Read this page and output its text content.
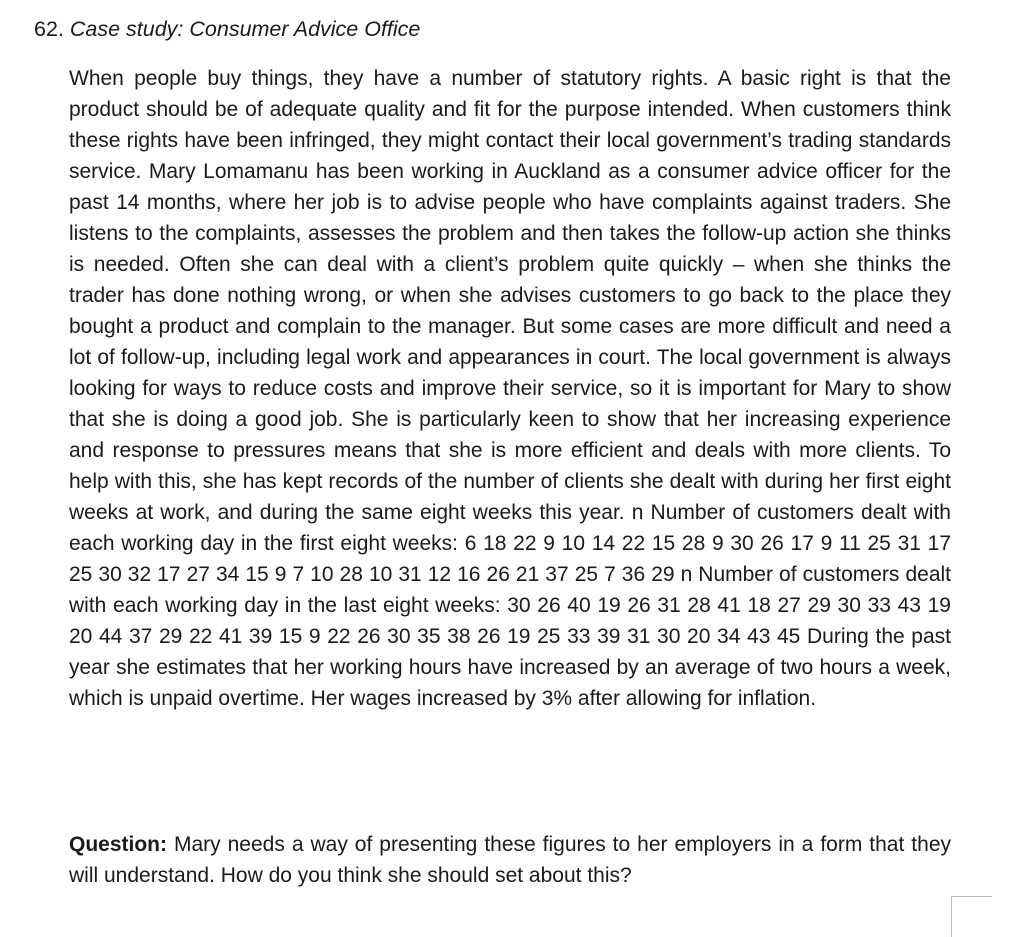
62. Case study: Consumer Advice Office

When people buy things, they have a number of statutory rights. A basic right is that the product should be of adequate quality and fit for the purpose intended. When customers think these rights have been infringed, they might contact their local government’s trading standards service. Mary Lomamanu has been working in Auckland as a consumer advice officer for the past 14 months, where her job is to advise people who have complaints against traders. She listens to the complaints, assesses the problem and then takes the follow-up action she thinks is needed. Often she can deal with a client’s problem quite quickly – when she thinks the trader has done nothing wrong, or when she advises customers to go back to the place they bought a product and complain to the manager. But some cases are more difficult and need a lot of follow-up, including legal work and appearances in court. The local government is always looking for ways to reduce costs and improve their service, so it is important for Mary to show that she is doing a good job. She is particularly keen to show that her increasing experience and response to pressures means that she is more efficient and deals with more clients. To help with this, she has kept records of the number of clients she dealt with during her first eight weeks at work, and during the same eight weeks this year. n Number of customers dealt with each working day in the first eight weeks: 6 18 22 9 10 14 22 15 28 9 30 26 17 9 11 25 31 17 25 30 32 17 27 34 15 9 7 10 28 10 31 12 16 26 21 37 25 7 36 29 n Number of customers dealt with each working day in the last eight weeks: 30 26 40 19 26 31 28 41 18 27 29 30 33 43 19 20 44 37 29 22 41 39 15 9 22 26 30 35 38 26 19 25 33 39 31 30 20 34 43 45 During the past year she estimates that her working hours have increased by an average of two hours a week, which is unpaid overtime. Her wages increased by 3% after allowing for inflation.

Question: Mary needs a way of presenting these figures to her employers in a form that they will understand. How do you think she should set about this?
